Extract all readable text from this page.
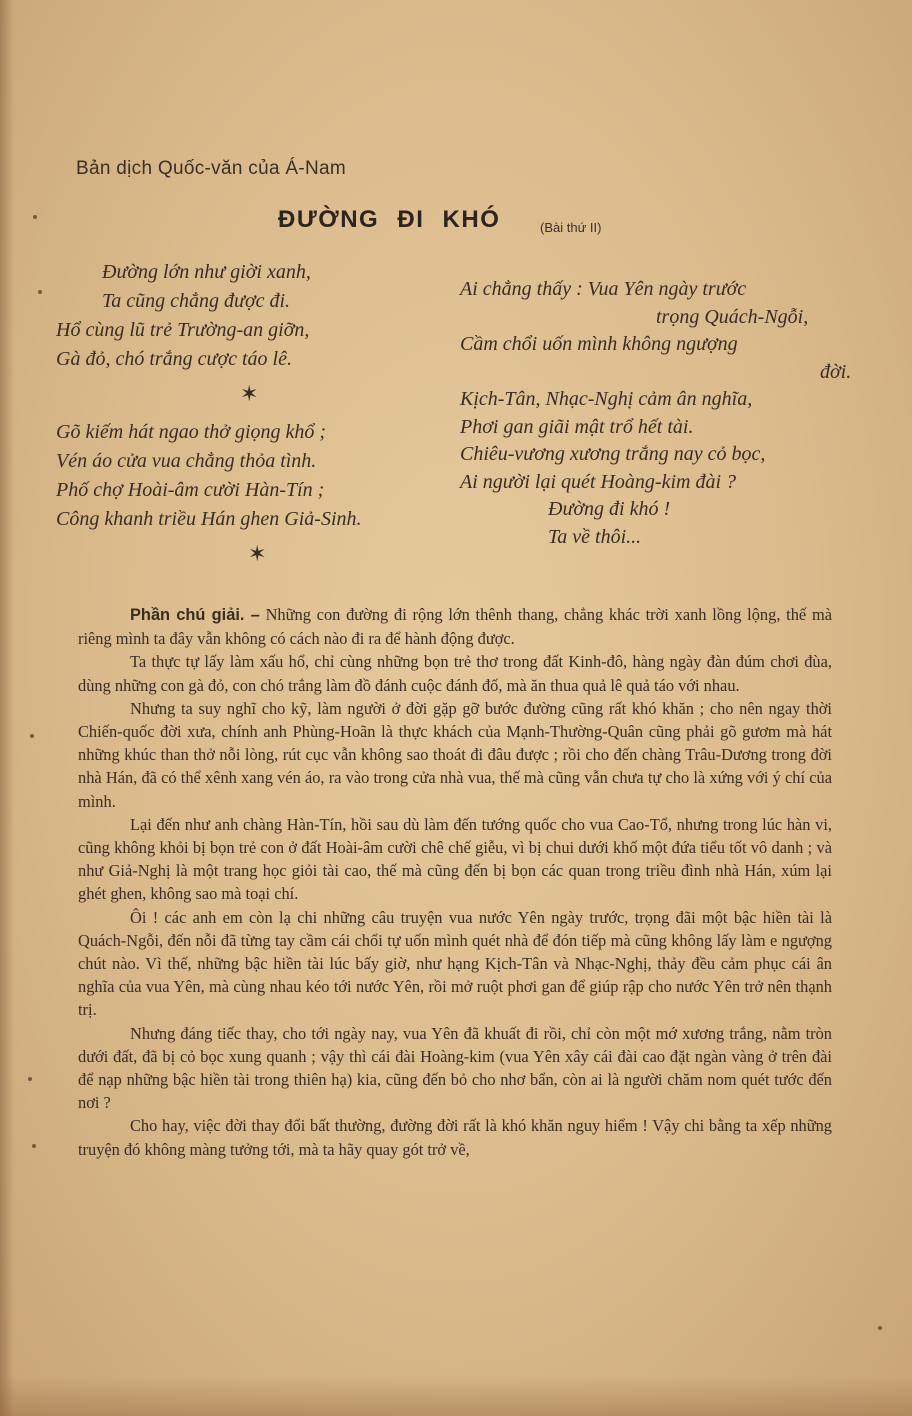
Bản dịch Quốc-văn của Á-Nam
ĐƯỜNG ĐI KHÓ	(Bài thứ II)
Đường lớn như giời xanh,
Ta cũng chẳng được đi.
Hổ cùng lũ trẻ Trường-an giỡn,
Gà đỏ, chó trắng cược táo lê.
✶
Gõ kiếm hát ngao thở giọng khổ ;
Vén áo cửa vua chẳng thỏa tình.
Phố chợ Hoài-âm cười Hàn-Tín ;
Công khanh triều Hán ghen Giả-Sinh.
✶
Ai chẳng thấy : Vua Yên ngày trước
trọng Quách-Ngỗi,
Cầm chổi uốn mình không ngượng
đời.
Kịch-Tân, Nhạc-Nghị cảm ân nghĩa,
Phơi gan giãi mật trổ hết tài.
Chiêu-vương xương trắng nay cỏ bọc,
Ai người lại quét Hoàng-kim đài ?
Đường đi khó !
Ta về thôi...

Phần chú giải. – Những con đường đi rộng lớn thênh thang, chẳng khác trời xanh lồng lộng, thế mà riêng mình ta đây vẫn không có cách nào đi ra để hành động được.

Ta thực tự lấy làm xấu hổ, chỉ cùng những bọn trẻ thơ trong đất Kinh-đô, hàng ngày đàn đúm chơi đùa, dùng những con gà đỏ, con chó trắng làm đồ đánh cuộc đánh đố, mà ăn thua quả lê quả táo với nhau.

Nhưng ta suy nghĩ cho kỹ, làm người ở đời gặp gỡ bước đường cũng rất khó khăn ; cho nên ngay thời Chiến-quốc đời xưa, chính anh Phùng-Hoãn là thực khách của Mạnh-Thường-Quân cũng phải gõ gươm mà hát những khúc than thở nỗi lòng, rút cục vẫn không sao thoát đi đâu được ; rồi cho đến chàng Trâu-Dương trong đời nhà Hán, đã có thể xênh xang vén áo, ra vào trong cửa nhà vua, thế mà cũng vẫn chưa tự cho là xứng với ý chí của mình.

Lại đến như anh chàng Hàn-Tín, hồi sau dù làm đến tướng quốc cho vua Cao-Tổ, nhưng trong lúc hàn vi, cũng không khỏi bị bọn trẻ con ở đất Hoài-âm cười chê chế giễu, vì bị chui dưới khố một đứa tiểu tốt vô danh ; và như Giả-Nghị là một trang học giỏi tài cao, thế mà cũng đến bị bọn các quan trong triều đình nhà Hán, xúm lại ghét ghen, không sao mà toại chí.

Ôi ! các anh em còn lạ chi những câu truyện vua nước Yên ngày trước, trọng đãi một bậc hiền tài là Quách-Ngỗi, đến nỗi đã từng tay cầm cái chổi tự uốn mình quét nhà để đón tiếp mà cũng không lấy làm e ngượng chút nào. Vì thế, những bậc hiền tài lúc bấy giờ, như hạng Kịch-Tân và Nhạc-Nghị, thảy đều cảm phục cái ân nghĩa của vua Yên, mà cùng nhau kéo tới nước Yên, rồi mở ruột phơi gan để giúp rập cho nước Yên trở nên thạnh trị.

Nhưng đáng tiếc thay, cho tới ngày nay, vua Yên đã khuất đi rồi, chỉ còn một mớ xương trắng, nằm tròn dưới đất, đã bị cỏ bọc xung quanh ; vậy thì cái đài Hoàng-kim (vua Yên xây cái đài cao đặt ngàn vàng ở trên đài để nạp những bậc hiền tài trong thiên hạ) kia, cũng đến bỏ cho nhơ bẩn, còn ai là người chăm nom quét tước đến nơi ?

Cho hay, việc đời thay đổi bất thường, đường đời rất là khó khăn nguy hiểm ! Vậy chi bằng ta xếp những truyện đó không màng tưởng tới, mà ta hãy quay gót trở về,
